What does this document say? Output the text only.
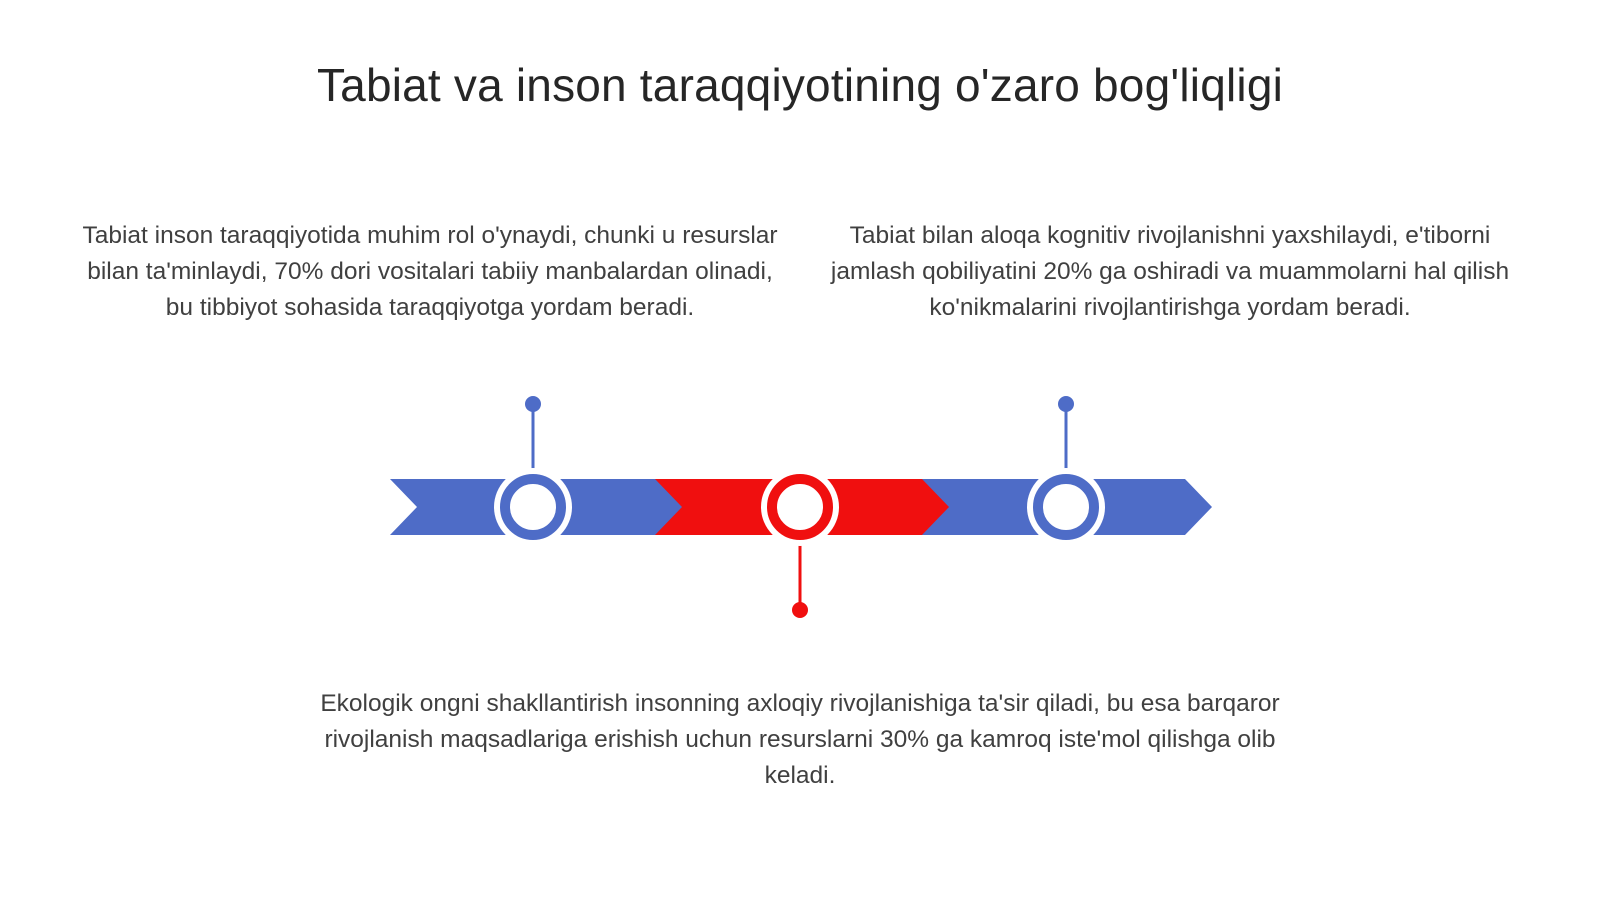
Tabiat va inson taraqqiyotining o'zaro bog'liqligi

Tabiat inson taraqqiyotida muhim rol o'ynaydi, chunki u resurslar bilan ta'minlaydi, 70% dori vositalari tabiiy manbalardan olinadi, bu tibbiyot sohasida taraqqiyotga yordam beradi.

Tabiat bilan aloqa kognitiv rivojlanishni yaxshilaydi, e'tiborni jamlash qobiliyatini 20% ga oshiradi va muammolarni hal qilish ko'nikmalarini rivojlantirishga yordam beradi.

Ekologik ongni shakllantirish insonning axloqiy rivojlanishiga ta'sir qiladi, bu esa barqaror rivojlanish maqsadlariga erishish uchun resurslarni 30% ga kamroq iste'mol qilishga olib keladi.
